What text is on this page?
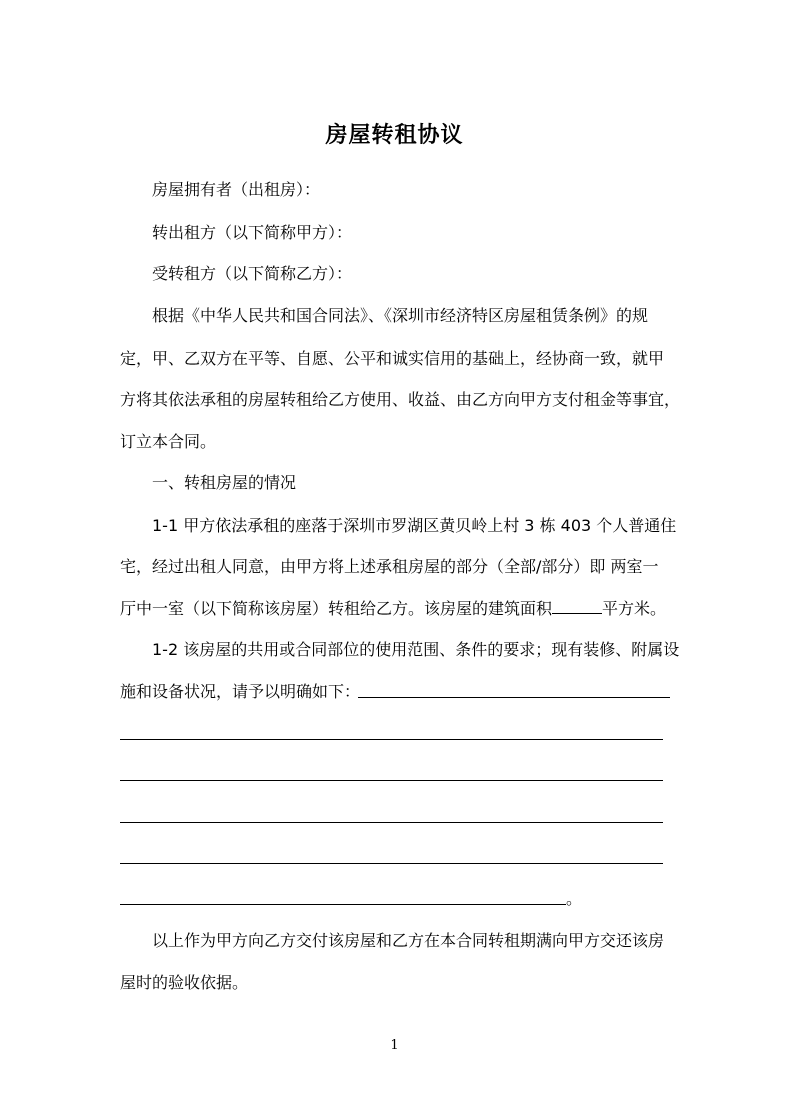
房屋转租协议
房屋拥有者（出租房）：
转出租方（以下简称甲方）：
受转租方（以下简称乙方）：
根据《中华人民共和国合同法》、《深圳市经济特区房屋租赁条例》的规
定，甲、乙双方在平等、自愿、公平和诚实信用的基础上，经协商一致，就甲
方将其依法承租的房屋转租给乙方使用、收益、由乙方向甲方支付租金等事宜，
订立本合同。
一、转租房屋的情况
1-1 甲方依法承租的座落于深圳市罗湖区黄贝岭上村 3 栋 403 个人普通住
宅，经过出租人同意，由甲方将上述承租房屋的部分（全部/部分）即 两室一
厅中一室（以下简称该房屋）转租给乙方。该房屋的建筑面积	平方米。
1-2 该房屋的共用或合同部位的使用范围、条件的要求；现有装修、附属设
施和设备状况，请予以明确如下：
。
以上作为甲方向乙方交付该房屋和乙方在本合同转租期满向甲方交还该房
屋时的验收依据。
1
